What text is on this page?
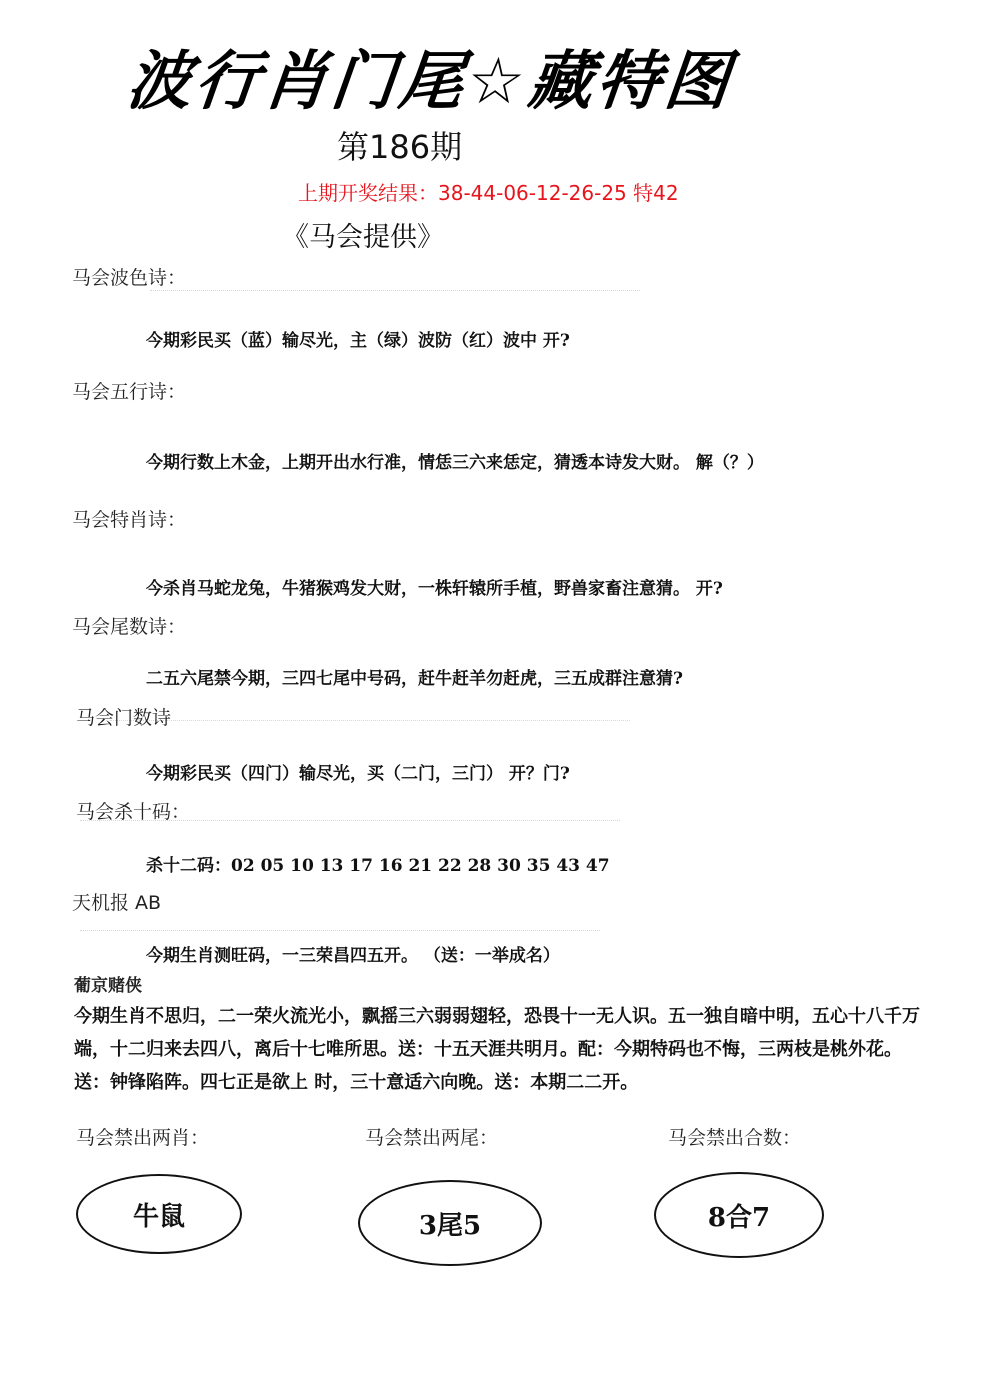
波行肖门尾☆藏特图
第186期
上期开奖结果：38-44-06-12-26-25 特42
《马会提供》
马会波色诗：
今期彩民买（蓝）输尽光，主（绿）波防（红）波中 开?
马会五行诗：
今期行数上木金，上期开出水行准，情恁三六来恁定，猜透本诗发大财。 解（？）
马会特肖诗：
今杀肖马蛇龙兔，牛猪猴鸡发大财，一株轩辕所手植，野兽家畜注意猜。 开?
马会尾数诗：
二五六尾禁今期，三四七尾中号码，赶牛赶羊勿赶虎，三五成群注意猜?
马会门数诗
今期彩民买（四门）输尽光，买（二门，三门） 开？门?
马会杀十码：
杀十二码：02 05 10 13 17 16 21 22 28 30 35 43 47
天机报 AB
今期生肖测旺码，一三荣昌四五开。 （送：一举成名）
葡京赌侠
今期生肖不思归，二一荣火流光小，飘摇三六弱弱翅轻，恐畏十一无人识。五一独自暗中明，五心十八千万端，十二归来去四八，离后十七唯所思。送：十五天涯共明月。配：今期特码也不悔，三两枝是桃外花。送：钟锋陷阵。四七正是欲上 时，三十意适六向晚。送：本期二二开。
马会禁出两肖：	马会禁出两尾：	马会禁出合数：
牛鼠	3尾5	8合7
